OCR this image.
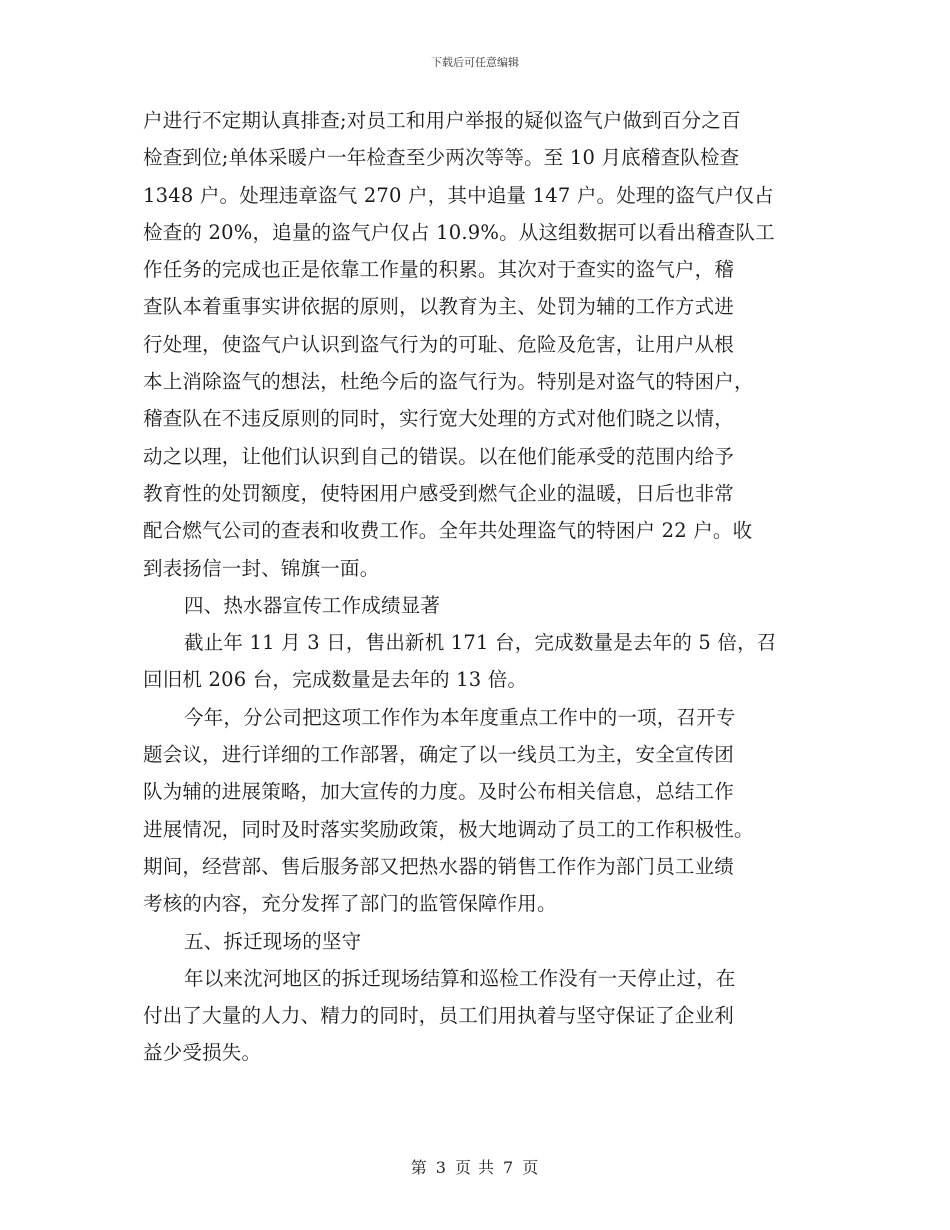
下载后可任意编辑
户进行不定期认真排查;对员工和用户举报的疑似盗气户做到百分之百
检查到位;单体采暖户一年检查至少两次等等。至 10 月底稽查队检查
1348 户。处理违章盗气 270 户，其中追量 147 户。处理的盗气户仅占
检查的 20%，追量的盗气户仅占 10.9%。从这组数据可以看出稽查队工
作任务的完成也正是依靠工作量的积累。其次对于查实的盗气户，稽
查队本着重事实讲依据的原则，以教育为主、处罚为辅的工作方式进
行处理，使盗气户认识到盗气行为的可耻、危险及危害，让用户从根
本上消除盗气的想法，杜绝今后的盗气行为。特别是对盗气的特困户，
稽查队在不违反原则的同时，实行宽大处理的方式对他们晓之以情，
动之以理，让他们认识到自己的错误。以在他们能承受的范围内给予
教育性的处罚额度，使特困用户感受到燃气企业的温暖，日后也非常
配合燃气公司的查表和收费工作。全年共处理盗气的特困户 22 户。收
到表扬信一封、锦旗一面。
四、热水器宣传工作成绩显著
截止年 11 月 3 日，售出新机 171 台，完成数量是去年的 5 倍，召
回旧机 206 台，完成数量是去年的 13 倍。
今年，分公司把这项工作作为本年度重点工作中的一项，召开专
题会议，进行详细的工作部署，确定了以一线员工为主，安全宣传团
队为辅的进展策略，加大宣传的力度。及时公布相关信息，总结工作
进展情况，同时及时落实奖励政策，极大地调动了员工的工作积极性。
期间，经营部、售后服务部又把热水器的销售工作作为部门员工业绩
考核的内容，充分发挥了部门的监管保障作用。
五、拆迁现场的坚守
年以来沈河地区的拆迁现场结算和巡检工作没有一天停止过，在
付出了大量的人力、精力的同时，员工们用执着与坚守保证了企业利
益少受损失。
第 3 页 共 7 页
